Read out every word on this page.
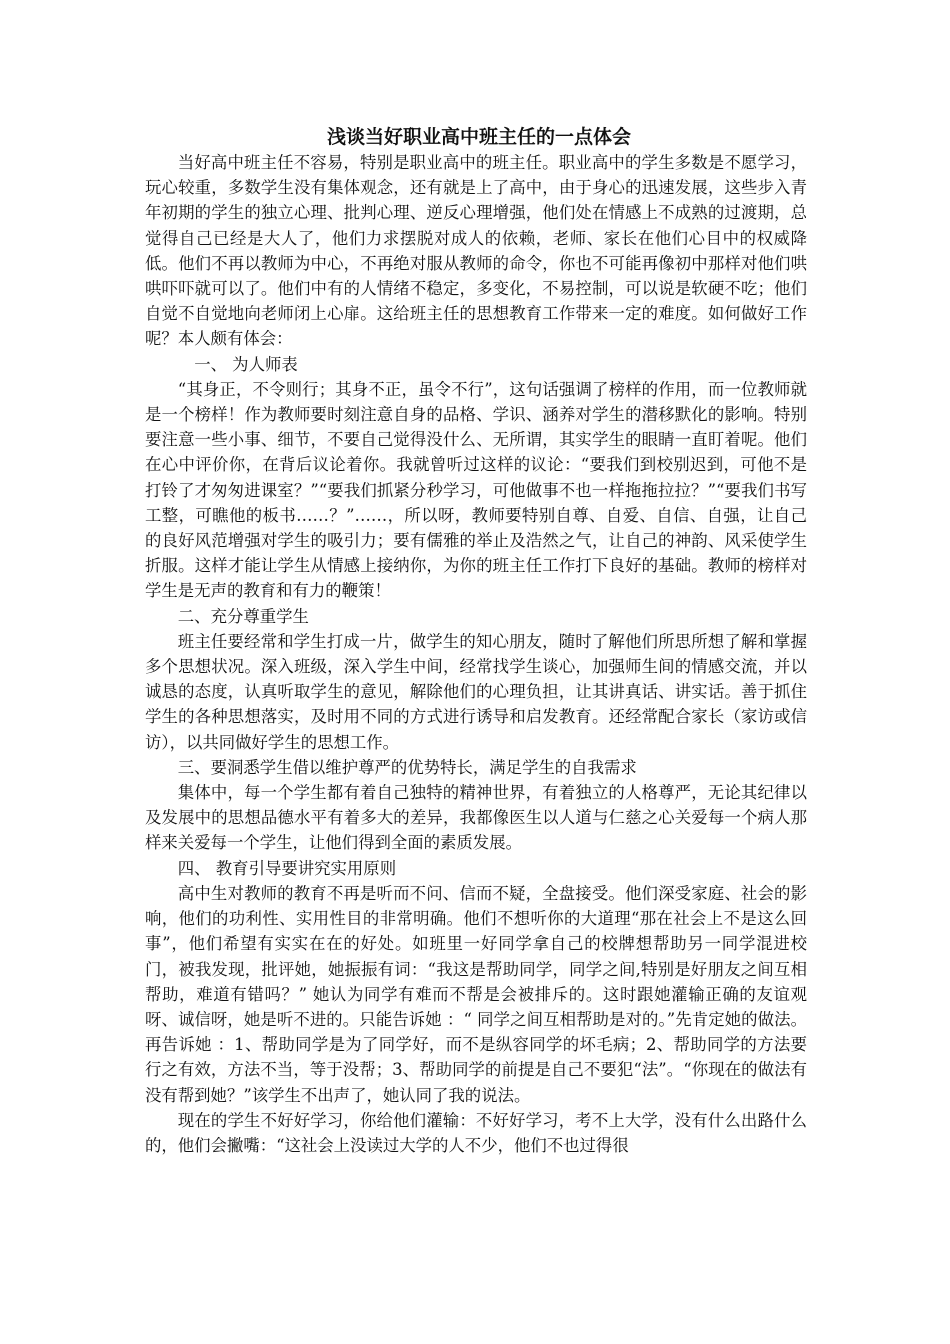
浅谈当好职业高中班主任的一点体会

当好高中班主任不容易，特别是职业高中的班主任。职业高中的学生多数是不愿学习，玩心较重，多数学生没有集体观念，还有就是上了高中，由于身心的迅速发展，这些步入青年初期的学生的独立心理、批判心理、逆反心理增强，他们处在情感上不成熟的过渡期，总觉得自己已经是大人了，他们力求摆脱对成人的依赖，老师、家长在他们心目中的权威降低。他们不再以教师为中心，不再绝对服从教师的命令，你也不可能再像初中那样对他们哄哄吓吓就可以了。他们中有的人情绪不稳定，多变化，不易控制，可以说是软硬不吃；他们自觉不自觉地向老师闭上心扉。这给班主任的思想教育工作带来一定的难度。如何做好工作呢？本人颇有体会：

一、 为人师表

“其身正，不令则行；其身不正，虽令不行”，这句话强调了榜样的作用，而一位教师就是一个榜样！作为教师要时刻注意自身的品格、学识、涵养对学生的潜移默化的影响。特别要注意一些小事、细节，不要自己觉得没什么、无所谓，其实学生的眼睛一直盯着呢。他们在心中评价你，在背后议论着你。我就曾听过这样的议论：“要我们到校别迟到，可他不是打铃了才匆匆进课室？”“要我们抓紧分秒学习，可他做事不也一样拖拖拉拉？”“要我们书写工整，可瞧他的板书……？”……，所以呀，教师要特别自尊、自爱、自信、自强，让自己的良好风范增强对学生的吸引力；要有儒雅的举止及浩然之气，让自己的神韵、风采使学生折服。这样才能让学生从情感上接纳你，为你的班主任工作打下良好的基础。教师的榜样对学生是无声的教育和有力的鞭策！

二、充分尊重学生

班主任要经常和学生打成一片，做学生的知心朋友，随时了解他们所思所想了解和掌握多个思想状况。深入班级，深入学生中间，经常找学生谈心，加强师生间的情感交流，并以诚恳的态度，认真听取学生的意见，解除他们的心理负担，让其讲真话、讲实话。善于抓住学生的各种思想落实，及时用不同的方式进行诱导和启发教育。还经常配合家长（家访或信访），以共同做好学生的思想工作。

三、要洞悉学生借以维护尊严的优势特长，满足学生的自我需求

集体中，每一个学生都有着自己独特的精神世界，有着独立的人格尊严，无论其纪律以及发展中的思想品德水平有着多大的差异，我都像医生以人道与仁慈之心关爱每一个病人那样来关爱每一个学生，让他们得到全面的素质发展。

四、 教育引导要讲究实用原则

高中生对教师的教育不再是听而不问、信而不疑，全盘接受。他们深受家庭、社会的影响，他们的功利性、实用性目的非常明确。他们不想听你的大道理“那在社会上不是这么回事”，他们希望有实实在在的好处。如班里一好同学拿自己的校牌想帮助另一同学混进校门，被我发现，批评她，她振振有词：“我这是帮助同学，同学之间,特别是好朋友之间互相帮助，难道有错吗？” 她认为同学有难而不帮是会被排斥的。这时跟她灌输正确的友谊观呀、诚信呀，她是听不进的。只能告诉她 ：“ 同学之间互相帮助是对的。”先肯定她的做法。再告诉她 ：1、帮助同学是为了同学好，而不是纵容同学的坏毛病；2、帮助同学的方法要行之有效，方法不当，等于没帮；3、帮助同学的前提是自己不要犯“法”。“你现在的做法有没有帮到她？”该学生不出声了，她认同了我的说法。

现在的学生不好好学习，你给他们灌输：不好好学习，考不上大学，没有什么出路什么的，他们会撇嘴：“这社会上没读过大学的人不少，他们不也过得很
